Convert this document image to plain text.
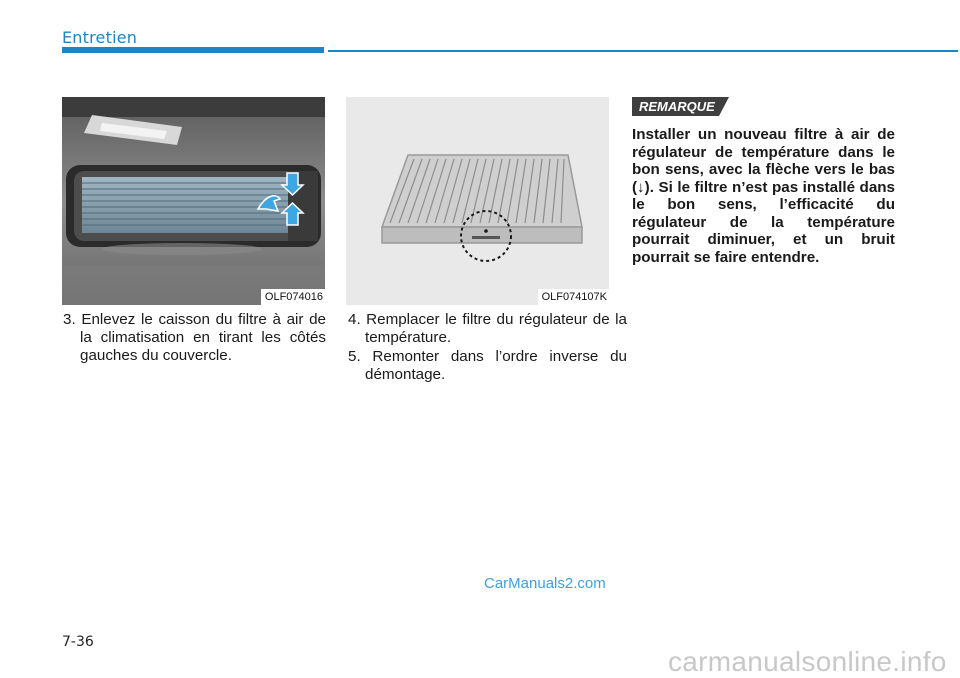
Entretien
OLF074016	OLF074107K
3. Enlevez le caisson du filtre à air de la climatisation en tirant les côtés gauches du couvercle.
4. Remplacer le filtre du régulateur de la température.
5. Remonter dans l’ordre inverse du démontage.
REMARQUE
Installer un nouveau filtre à air de régulateur de température dans le bon sens, avec la flèche vers le bas (↓). Si le filtre n’est pas installé dans le bon sens, l’efficacité du régulateur de la température pourrait diminuer, et un bruit pourrait se faire entendre.
CarManuals2.com
7-36
carmanualsonline.info
